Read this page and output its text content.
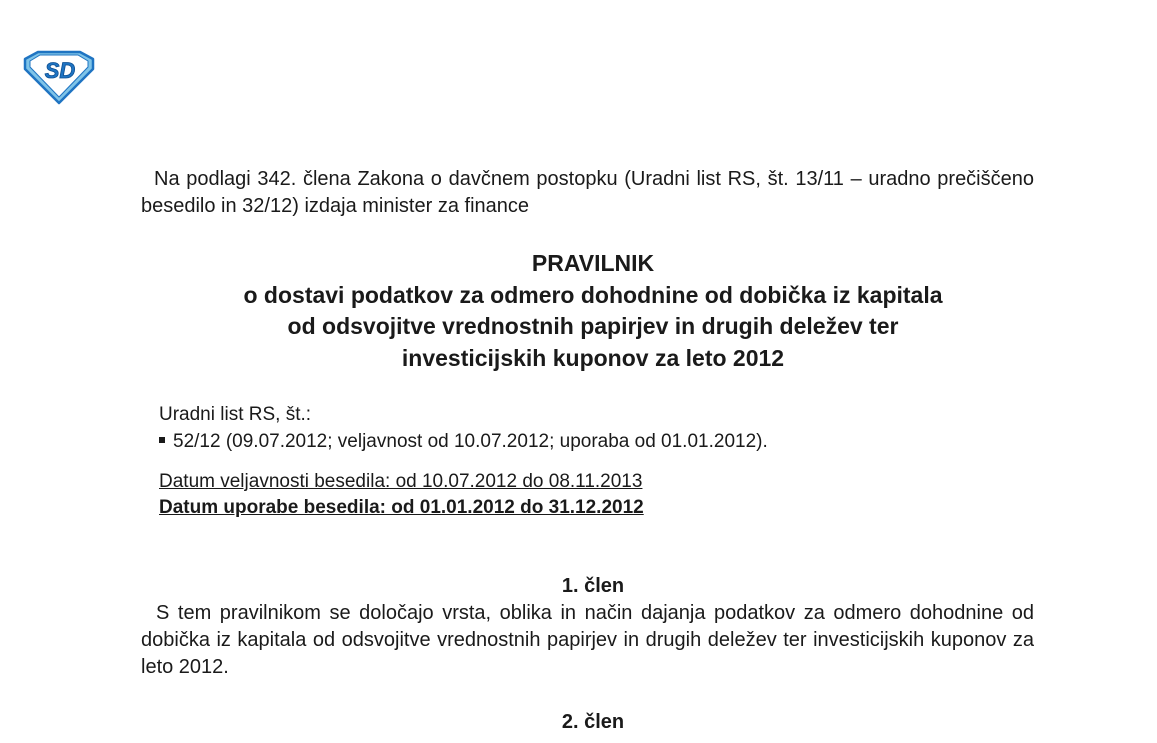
SD
Na podlagi 342. člena Zakona o davčnem postopku (Uradni list RS, št. 13/11 – uradno prečiščeno besedilo in 32/12) izdaja minister za finance
PRAVILNIK
o dostavi podatkov za odmero dohodnine od dobička iz kapitala
od odsvojitve vrednostnih papirjev in drugih deležev ter
investicijskih kuponov za leto 2012
Uradni list RS, št.:
52/12 (09.07.2012; veljavnost od 10.07.2012; uporaba od 01.01.2012).
Datum veljavnosti besedila: od 10.07.2012 do 08.11.2013
Datum uporabe besedila: od 01.01.2012 do 31.12.2012
1. člen
S tem pravilnikom se določajo vrsta, oblika in način dajanja podatkov za odmero dohodnine od dobička iz kapitala od odsvojitve vrednostnih papirjev in drugih deležev ter investicijskih kuponov za leto 2012.
2. člen
